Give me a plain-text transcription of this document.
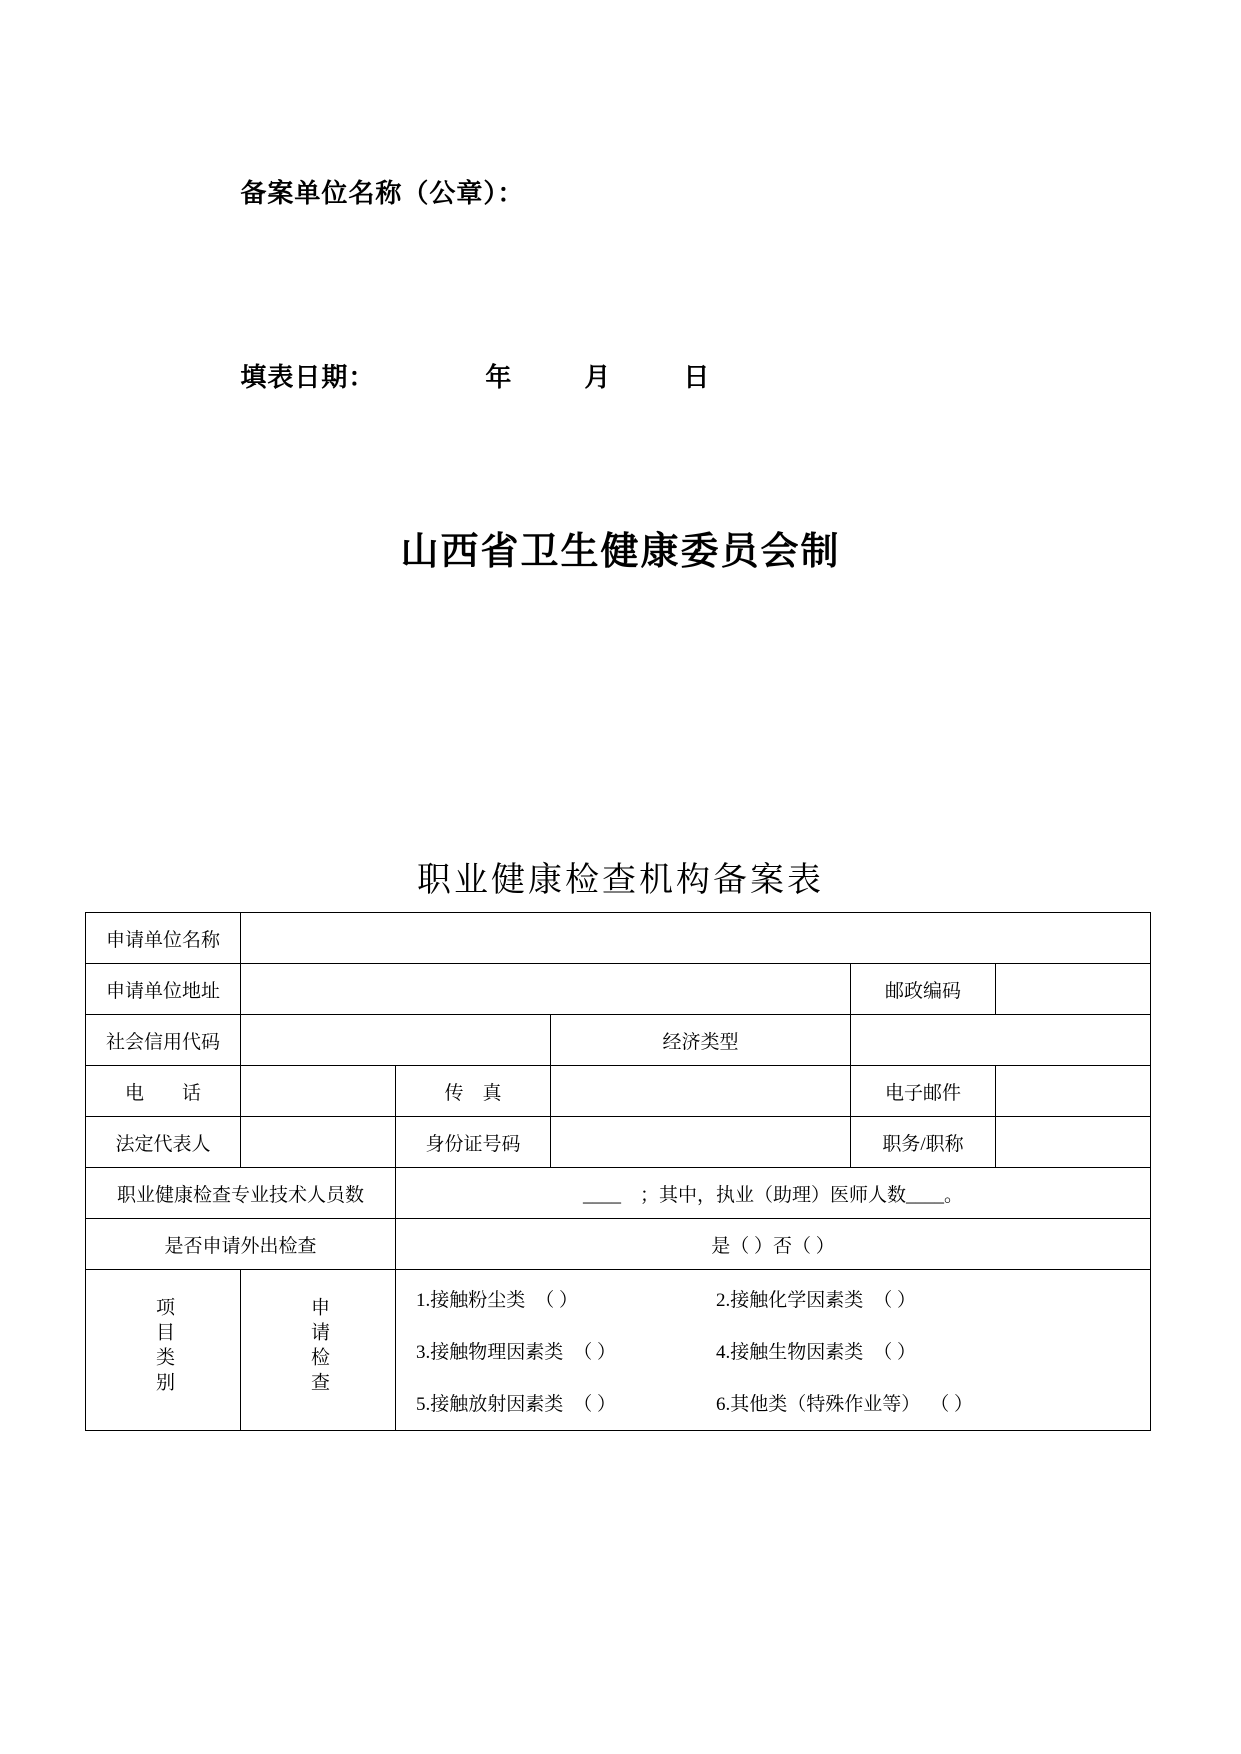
备案单位名称（公章）：

填表日期：	年	月	日

山西省卫生健康委员会制
职业健康检查机构备案表
申请单位名称					
申请单位地址				邮政编码	
社会信用代码			经济类型		
电　　话		传　真		电子邮件	
法定代表人		身份证号码		职务/职称	
职业健康检查专业技术人员数		____　；其中，执业（助理）医师人数____。			
是否申请外出检查		是（ ）否（ ）			
项目类别	申请检查	1.接触粉尘类 （ ）	2.接触化学因素类 （ ）
3.接触物理因素类 （ ）	4.接触生物因素类 （ ）
5.接触放射因素类 （ ）	6.其他类（特殊作业等） （ ）
